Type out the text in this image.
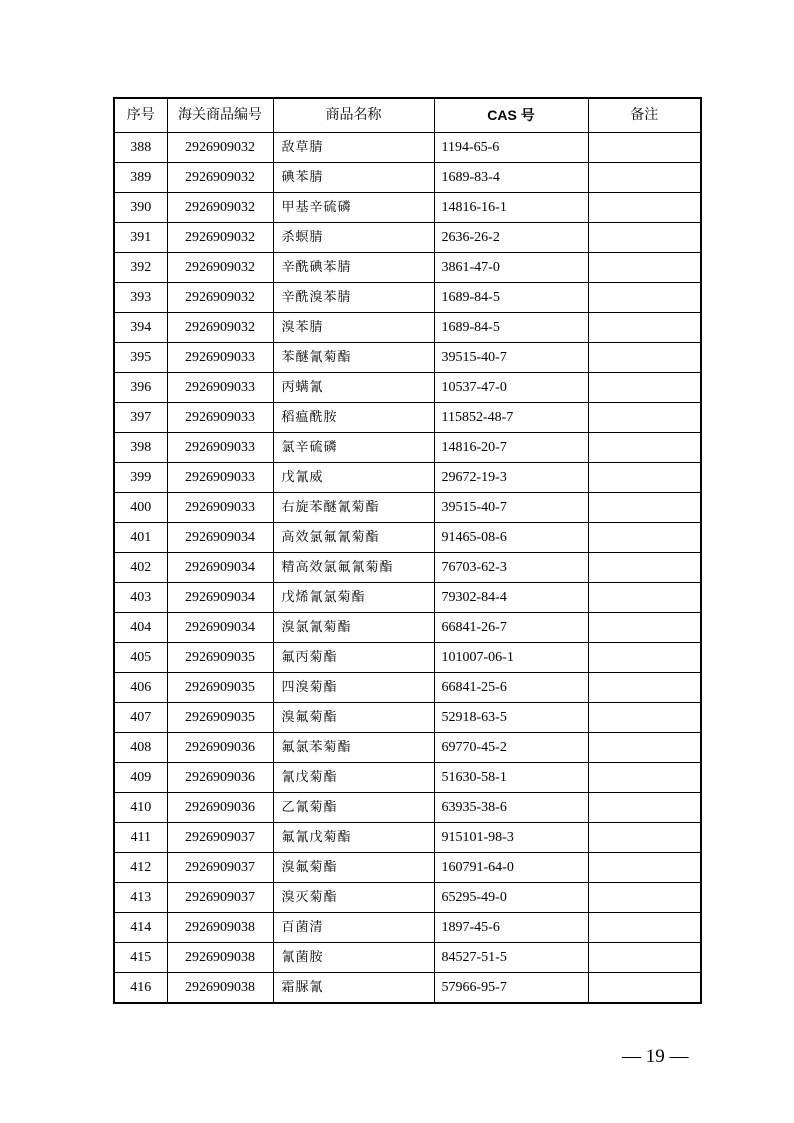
序号	海关商品编号	商品名称	CAS 号	备注
388	2926909032	敌草腈	1194-65-6	
389	2926909032	碘苯腈	1689-83-4	
390	2926909032	甲基辛硫磷	14816-16-1	
391	2926909032	杀螟腈	2636-26-2	
392	2926909032	辛酰碘苯腈	3861-47-0	
393	2926909032	辛酰溴苯腈	1689-84-5	
394	2926909032	溴苯腈	1689-84-5	
395	2926909033	苯醚氰菊酯	39515-40-7	
396	2926909033	丙螨氰	10537-47-0	
397	2926909033	稻瘟酰胺	115852-48-7	
398	2926909033	氯辛硫磷	14816-20-7	
399	2926909033	戊氰威	29672-19-3	
400	2926909033	右旋苯醚氰菊酯	39515-40-7	
401	2926909034	高效氯氟氰菊酯	91465-08-6	
402	2926909034	精高效氯氟氰菊酯	76703-62-3	
403	2926909034	戊烯氰氯菊酯	79302-84-4	
404	2926909034	溴氯氰菊酯	66841-26-7	
405	2926909035	氟丙菊酯	101007-06-1	
406	2926909035	四溴菊酯	66841-25-6	
407	2926909035	溴氟菊酯	52918-63-5	
408	2926909036	氟氯苯菊酯	69770-45-2	
409	2926909036	氰戊菊酯	51630-58-1	
410	2926909036	乙氰菊酯	63935-38-6	
411	2926909037	氟氰戊菊酯	915101-98-3	
412	2926909037	溴氟菊酯	160791-64-0	
413	2926909037	溴灭菊酯	65295-49-0	
414	2926909038	百菌清	1897-45-6	
415	2926909038	氰菌胺	84527-51-5	
416	2926909038	霜脲氰	57966-95-7	
— 19 —
